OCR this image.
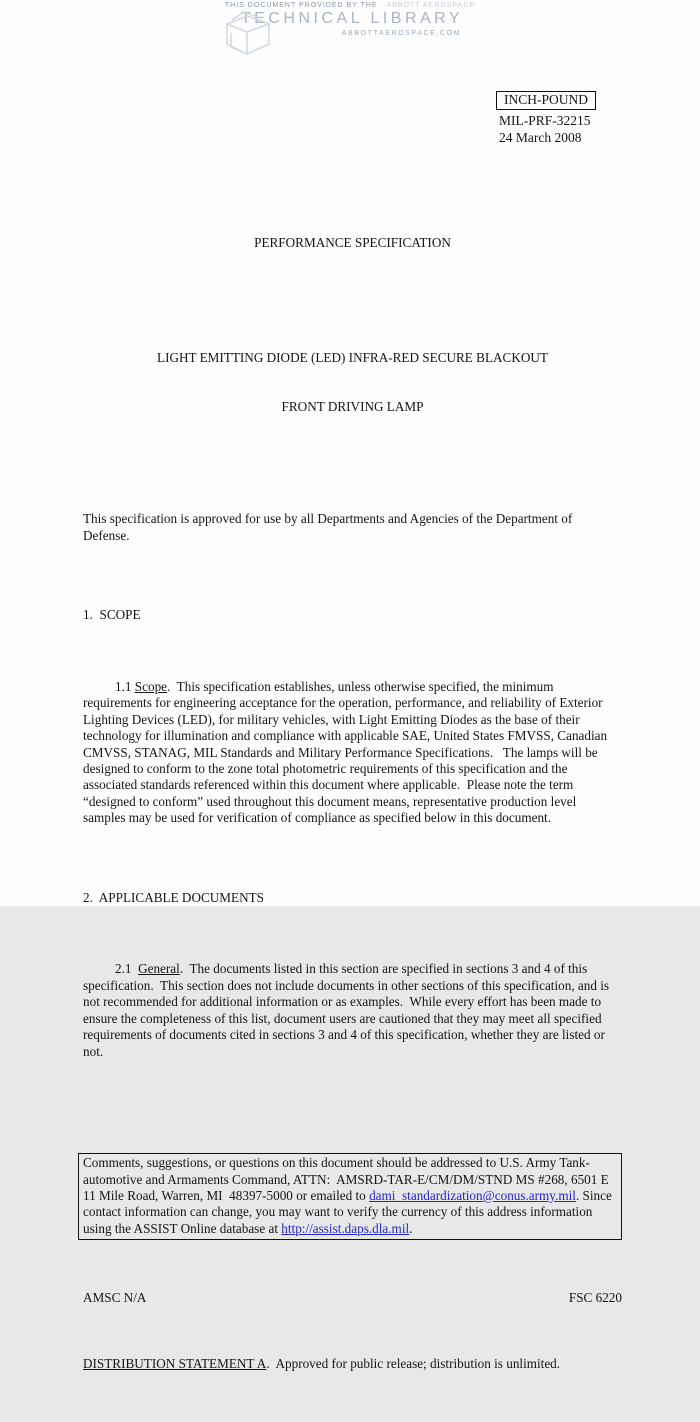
THIS DOCUMENT PROVIDED BY THE ABBOTT AEROSPACE
TECHNICAL LIBRARY
ABBOTTAEROSPACE.COM
INCH-POUND
MIL-PRF-32215
24 March 2008

PERFORMANCE SPECIFICATION

LIGHT EMITTING DIODE (LED) INFRA-RED SECURE BLACKOUT

FRONT DRIVING LAMP

This specification is approved for use by all Departments and Agencies of the Department of Defense.

1.  SCOPE

1.1 Scope.  This specification establishes, unless otherwise specified, the minimum requirements for engineering acceptance for the operation, performance, and reliability of Exterior Lighting Devices (LED), for military vehicles, with Light Emitting Diodes as the base of their technology for illumination and compliance with applicable SAE, United States FMVSS, Canadian CMVSS, STANAG, MIL Standards and Military Performance Specifications.   The lamps will be designed to conform to the zone total photometric requirements of this specification and the associated standards referenced within this document where applicable.  Please note the term “designed to conform” used throughout this document means, representative production level samples may be used for verification of compliance as specified below in this document.

2.  APPLICABLE DOCUMENTS

2.1  General.  The documents listed in this section are specified in sections 3 and 4 of this specification.  This section does not include documents in other sections of this specification, and is not recommended for additional information or as examples.  While every effort has been made to ensure the completeness of this list, document users are cautioned that they may meet all specified requirements of documents cited in sections 3 and 4 of this specification, whether they are listed or not.

Comments, suggestions, or questions on this document should be addressed to U.S. Army Tank-automotive and Armaments Command, ATTN:  AMSRD-TAR-E/CM/DM/STND MS #268, 6501 E 11 Mile Road, Warren, MI  48397-5000 or emailed to dami_standardization@conus.army.mil. Since contact information can change, you may want to verify the currency of this address information using the ASSIST Online database at http://assist.daps.dla.mil.

AMSC N/A	FSC 6220

DISTRIBUTION STATEMENT A.  Approved for public release; distribution is unlimited.
